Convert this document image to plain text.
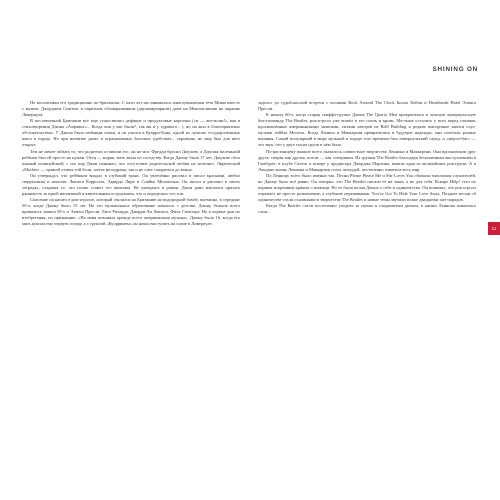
SHINING ON

Но воспитывал его традиционно по-британски. С пяти лет им занималась многоуважаемая тётя Мими вместе с мужем, Джорджем Смитом, в опрятном сблокированном (двухквартирном) доме на Менлов-авеню на окраине Ливерпуля.

В послевоенной Британии всё еще существовал дефицит и продуктовые карточки («и — апельсин!», как в стихотворении Джона «Алфавит»... Когда они у нас были?, так вы и у здравого... ), но он жил в благоприятных обстоятельствах. У Джона была любящая семья, и он учился в Куорри-Бэнк, одной из лучших государственных школ в городе. Но при нехватке денег и ограниченных бытовых удобствах... скромная, но мир был для него открыт.

Тем не менее забыть то, что родители оставили его, он не мог. Фредди бросил Джулию, а Джулия маленький ребёнок был ей просто не нужен. Отец — моряк, мать жила по соседству. Когда Джону было 17 лет, Джулию сбил пьяный полицейский; с тех пор Джон понимал, что отсутствие родительской любви не исчезнет. Лирический «Mother» — прямой отзвук той боли, почти мелодрама; так и не смог смириться до конца.

Он утверждал, что ребёнком впадал в глубокий транс. Он увлечённо рисовал и писал красками, любил сюрреализм и нонсенс Льюиса Кэрролла, Эдварда Лира и Спайка Миллигана. Он писал и рисовал в своих тетрадях, создавая то, что позже станет его книгами. Не умещаясь в рамки, Джон рано научился прятать ранимость за едкой насмешкой и язвительным остроумием, что и определяло его тон.

Спасение он нашёл в рок-н-ролле, который свалился на Британию на водородной бомбе, внезапно, в середине 50-х, когда Джону было 15 лет. Но это музыкальное образование началось с детства. Джону больше всего нравились записи 50-х и Элвиса Пресли, Литл Ричарда, Джерри Ли Льюиса, Фила Спектора. Но в первые дни их изобретения, по признанию: «На меня повлияла прежде всего американская музыка». Джону было 16, когда его мать купила ему первую гитару, а с группой «Куорримен» он начал выступать на сцене в Ливерпуле.

задолго до судьбоносной встречи с песнями Rock Around The Clock Билла Хейли и Heartbreak Hotel Элвиса Пресли.

К началу 60-х, когда старая скиффл-группа Джона The Quarry Men превратилась в лучшую ливерпульскую битл-команду The Beatles, рок-н-ролл уже вошёл в его плоть и кровь. Местные остались у всех перед глазами, вдохновлённые американскими записями, хитами авторов из Brill Building и редкие импортные записи соул-музыки лейбла Motown. Когда Леннон и Маккартни превратились в будущие надежды, они сочетали разные влияния. Самой популярной в мире музыкой в городе того времени был ливерпульский саунд, и «мерси-бит» — это звук, что у двух тысяч групп в нём было.

По-настоящему важное всего оказалось совместное творчество Леннона и Маккартни. Они вдохновляли друг друга: сперва как друзья, потом — как соперники. Из группы The Beatles благодаря бесконечным выступлениям в Гамбурге, в клубе Cavern и вскоре у продюсера Джорджа Мартина, вышла одна из величайших рок-групп. А в Лондоне жизнь Леннона и Маккартни стала легендой, постепенно охватила весь мир.

По Леннону всего было именно так. Песни Please Please Me и She Loves You обожали миллионы слушателей, но Джону было всё равно. Он говорил, что The Beatles писали её на заказ, а не для себя. Вскоре Help! стал их первым искренним криком о помощи. Но то была песня Джона о себе и одиночество. Он понимал, что рок-н-ролл отражает не просто развлечение, а глубокие переживания. You've Got To Hide Your Love Away. Позднее песни об одиночестве стали основными в творчестве The Beatles и новые темы звучали позже двадцатки хит-парадов.

Когда The Beatles стали постепенно уходить за сцены и сладковатым дымом, в жизни Леннона появилась слож...

11
